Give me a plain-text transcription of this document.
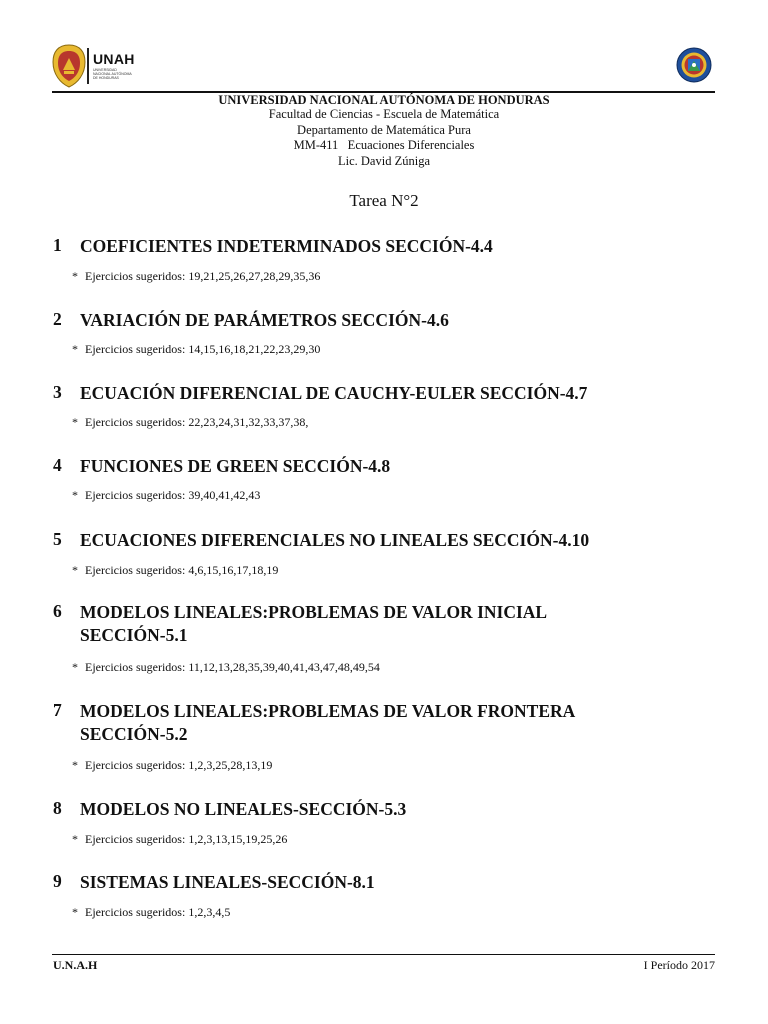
UNAH
UNIVERSIDAD NACIONAL AUTÓNOMA DE HONDURAS
UNIVERSIDAD NACIONAL AUTÓNOMA DE HONDURAS
Facultad de Ciencias - Escuela de Matemática
Departamento de Matemática Pura
MM-411   Ecuaciones Diferenciales
Lic. David Zúniga
Tarea N°2
1 COEFICIENTES INDETERMINADOS SECCIÓN-4.4
* Ejercicios sugeridos: 19,21,25,26,27,28,29,35,36
2 VARIACIÓN DE PARÁMETROS SECCIÓN-4.6
* Ejercicios sugeridos: 14,15,16,18,21,22,23,29,30
3 ECUACIÓN DIFERENCIAL DE CAUCHY-EULER SECCIÓN-4.7
* Ejercicios sugeridos: 22,23,24,31,32,33,37,38,
4 FUNCIONES DE GREEN SECCIÓN-4.8
* Ejercicios sugeridos: 39,40,41,42,43
5 ECUACIONES DIFERENCIALES NO LINEALES SECCIÓN-4.10
* Ejercicios sugeridos: 4,6,15,16,17,18,19
6 MODELOS LINEALES:PROBLEMAS DE VALOR INICIAL
SECCIÓN-5.1
* Ejercicios sugeridos: 11,12,13,28,35,39,40,41,43,47,48,49,54
7 MODELOS LINEALES:PROBLEMAS DE VALOR FRONTERA
SECCIÓN-5.2
* Ejercicios sugeridos: 1,2,3,25,28,13,19
8 MODELOS NO LINEALES-SECCIÓN-5.3
* Ejercicios sugeridos: 1,2,3,13,15,19,25,26
9 SISTEMAS LINEALES-SECCIÓN-8.1
* Ejercicios sugeridos: 1,2,3,4,5
U.N.A.H	I Período 2017
